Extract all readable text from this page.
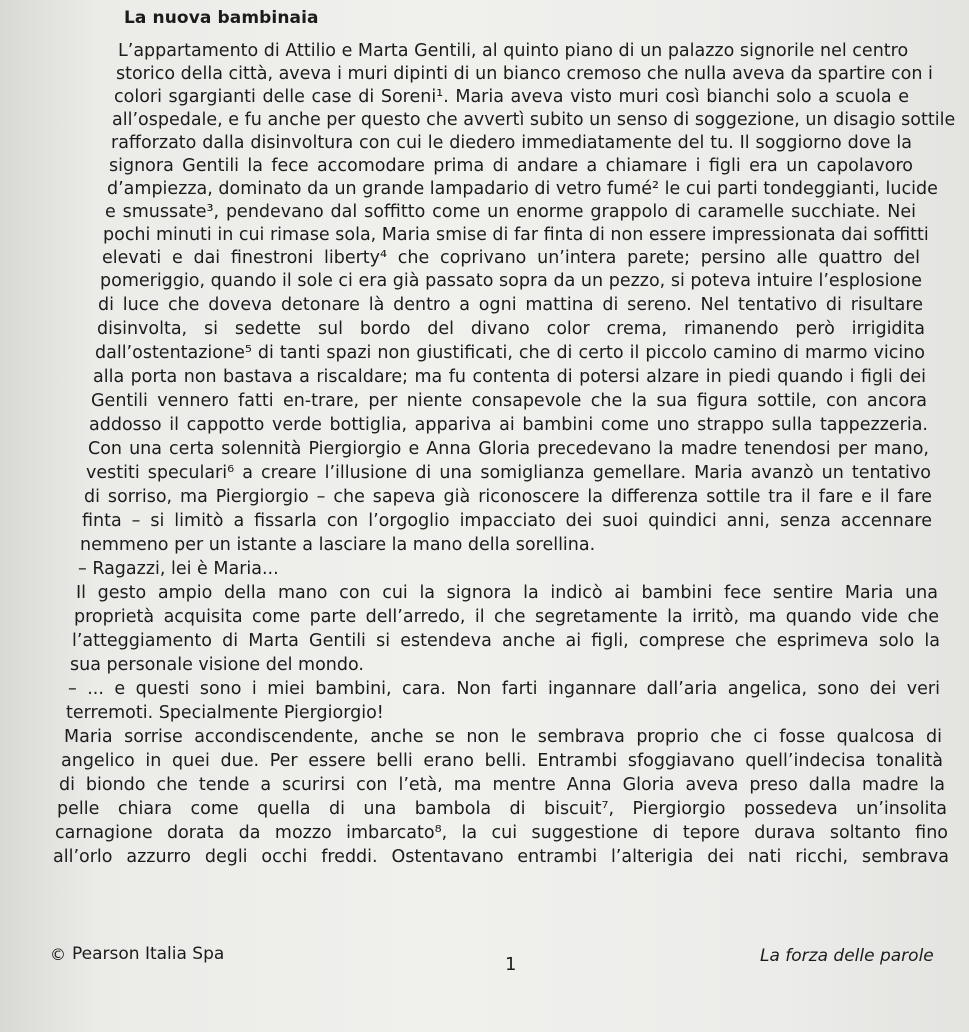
La nuova bambinaia
L’appartamento di Attilio e Marta Gentili, al quinto piano di un palazzo signorile nel centro
storico della città, aveva i muri dipinti di un bianco cremoso che nulla aveva da spartire con i
colori sgargianti delle case di Soreni¹. Maria aveva visto muri così bianchi solo a scuola e
all’ospedale, e fu anche per questo che avvertì subito un senso di soggezione, un disagio sottile
rafforzato dalla disinvoltura con cui le diedero immediatamente del tu. Il soggiorno dove la
signora Gentili la fece accomodare prima di andare a chiamare i figli era un capolavoro
d’ampiezza, dominato da un grande lampadario di vetro fumé² le cui parti tondeggianti, lucide
e smussate³, pendevano dal soffitto come un enorme grappolo di caramelle succhiate. Nei
pochi minuti in cui rimase sola, Maria smise di far finta di non essere impressionata dai soffitti
elevati e dai finestroni liberty⁴ che coprivano un’intera parete; persino alle quattro del
pomeriggio, quando il sole ci era già passato sopra da un pezzo, si poteva intuire l’esplosione
di luce che doveva detonare là dentro a ogni mattina di sereno. Nel tentativo di risultare
disinvolta, si sedette sul bordo del divano color crema, rimanendo però irrigidita
dall’ostentazione⁵ di tanti spazi non giustificati, che di certo il piccolo camino di marmo vicino
alla porta non bastava a riscaldare; ma fu contenta di potersi alzare in piedi quando i figli dei
Gentili vennero fatti en-trare, per niente consapevole che la sua figura sottile, con ancora
addosso il cappotto verde bottiglia, appariva ai bambini come uno strappo sulla tappezzeria.
Con una certa solennità Piergiorgio e Anna Gloria precedevano la madre tenendosi per mano,
vestiti speculari⁶ a creare l’illusione di una somiglianza gemellare. Maria avanzò un tentativo
di sorriso, ma Piergiorgio – che sapeva già riconoscere la differenza sottile tra il fare e il fare
finta – si limitò a fissarla con l’orgoglio impacciato dei suoi quindici anni, senza accennare
nemmeno per un istante a lasciare la mano della sorellina.
– Ragazzi, lei è Maria...
Il gesto ampio della mano con cui la signora la indicò ai bambini fece sentire Maria una
proprietà acquisita come parte dell’arredo, il che segretamente la irritò, ma quando vide che
l’atteggiamento di Marta Gentili si estendeva anche ai figli, comprese che esprimeva solo la
sua personale visione del mondo.
– ... e questi sono i miei bambini, cara. Non farti ingannare dall’aria angelica, sono dei veri
terremoti. Specialmente Piergiorgio!
Maria sorrise accondiscendente, anche se non le sembrava proprio che ci fosse qualcosa di
angelico in quei due. Per essere belli erano belli. Entrambi sfoggiavano quell’indecisa tonalità
di biondo che tende a scurirsi con l’età, ma mentre Anna Gloria aveva preso dalla madre la
pelle chiara come quella di una bambola di biscuit⁷, Piergiorgio possedeva un’insolita
carnagione dorata da mozzo imbarcato⁸, la cui suggestione di tepore durava soltanto fino
all’orlo azzurro degli occhi freddi. Ostentavano entrambi l’alterigia dei nati ricchi, sembrava
© Pearson Italia Spa	1	La forza delle parole
